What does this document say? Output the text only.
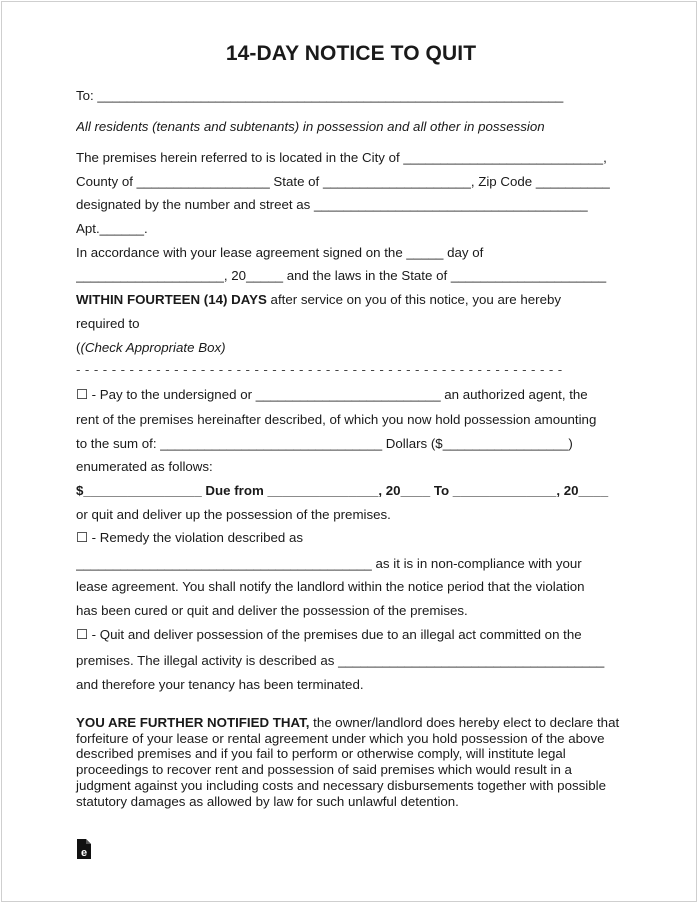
14-DAY NOTICE TO QUIT
To: _______________________________________________________________
All residents (tenants and subtenants) in possession and all other in possession
The premises herein referred to is located in the City of ___________________________,
County of __________________ State of ____________________, Zip Code __________
designated by the number and street as _____________________________________
Apt.______.
In accordance with your lease agreement signed on the _____ day of
____________________, 20_____ and the laws in the State of _____________________
WITHIN FOURTEEN (14) DAYS after service on you of this notice, you are hereby
required to
((Check Appropriate Box)
- - - - - - - - - - - - - - - - - - - - - - - - - - - - - - - - - - - - - - - - - - - - - - - - - - - - - - -
☐ - Pay to the undersigned or _________________________ an authorized agent, the
rent of the premises hereinafter described, of which you now hold possession amounting
to the sum of: ______________________________ Dollars ($_________________)
enumerated as follows:
$________________ Due from _______________, 20____ To ______________, 20____
or quit and deliver up the possession of the premises.
☐ - Remedy the violation described as
________________________________________ as it is in non-compliance with your
lease agreement. You shall notify the landlord within the notice period that the violation
has been cured or quit and deliver the possession of the premises.
☐ - Quit and deliver possession of the premises due to an illegal act committed on the
premises. The illegal activity is described as ____________________________________
and therefore your tenancy has been terminated.
YOU ARE FURTHER NOTIFIED THAT, the owner/landlord does hereby elect to declare that forfeiture of your lease or rental agreement under which you hold possession of the above described premises and if you fail to perform or otherwise comply, will institute legal proceedings to recover rent and possession of said premises which would result in a judgment against you including costs and necessary disbursements together with possible statutory damages as allowed by law for such unlawful detention.
e
